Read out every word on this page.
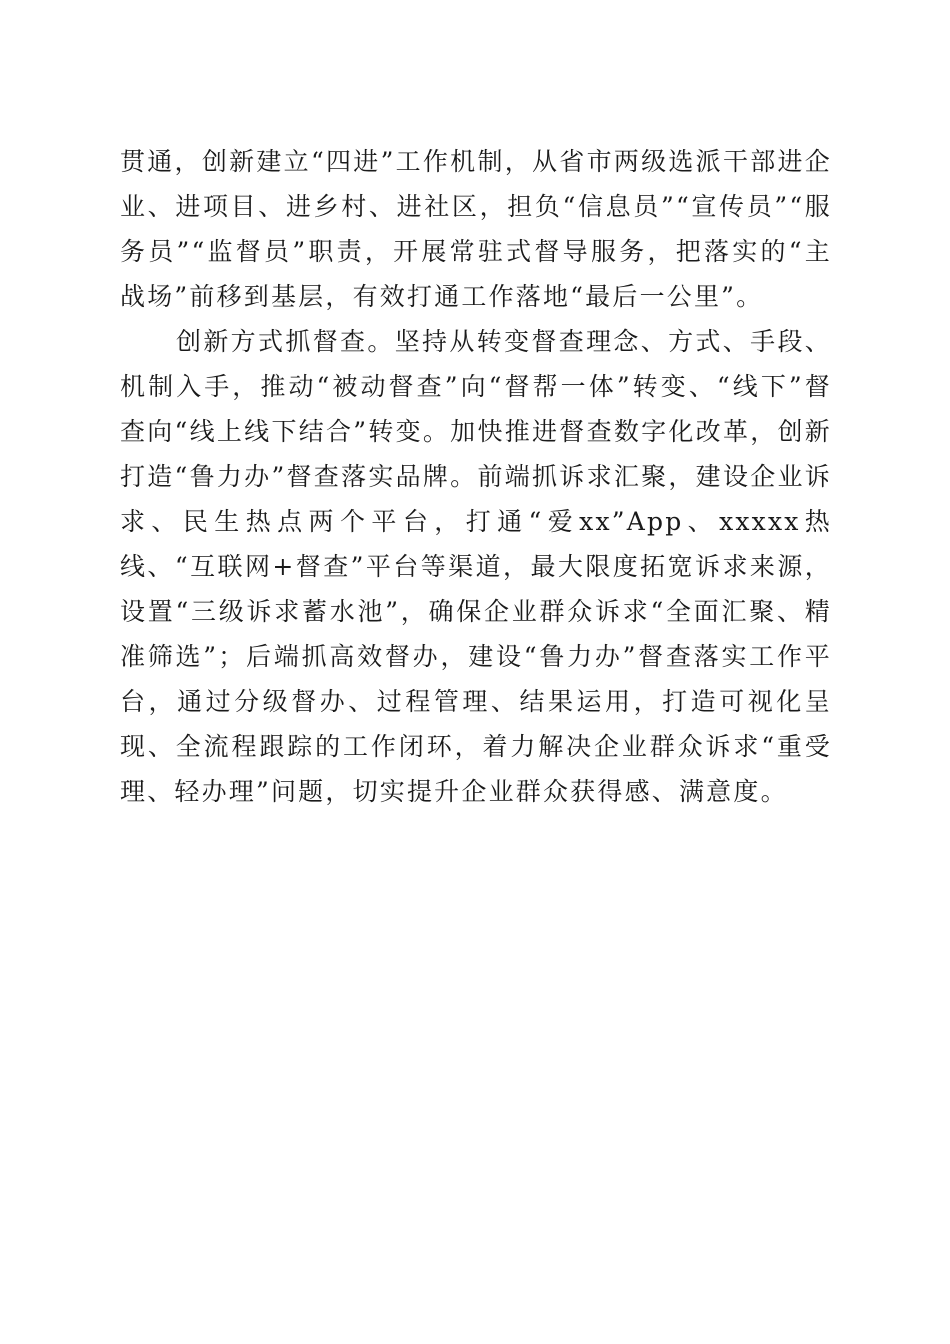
贯通，创新建立“四进”工作机制，从省市两级选派干部进企业、进项目、进乡村、进社区，担负“信息员”“宣传员”“服务员”“监督员”职责，开展常驻式督导服务，把落实的“主战场”前移到基层，有效打通工作落地“最后一公里”。

创新方式抓督查。坚持从转变督查理念、方式、手段、机制入手，推动“被动督查”向“督帮一体”转变、“线下”督查向“线上线下结合”转变。加快推进督查数字化改革，创新打造“鲁力办”督查落实品牌。前端抓诉求汇聚，建设企业诉求、民生热点两个平台，打通“爱xx”App、xxxxx热线、“互联网+督查”平台等渠道，最大限度拓宽诉求来源，设置“三级诉求蓄水池”，确保企业群众诉求“全面汇聚、精准筛选”；后端抓高效督办，建设“鲁力办”督查落实工作平台，通过分级督办、过程管理、结果运用，打造可视化呈现、全流程跟踪的工作闭环，着力解决企业群众诉求“重受理、轻办理”问题，切实提升企业群众获得感、满意度。
